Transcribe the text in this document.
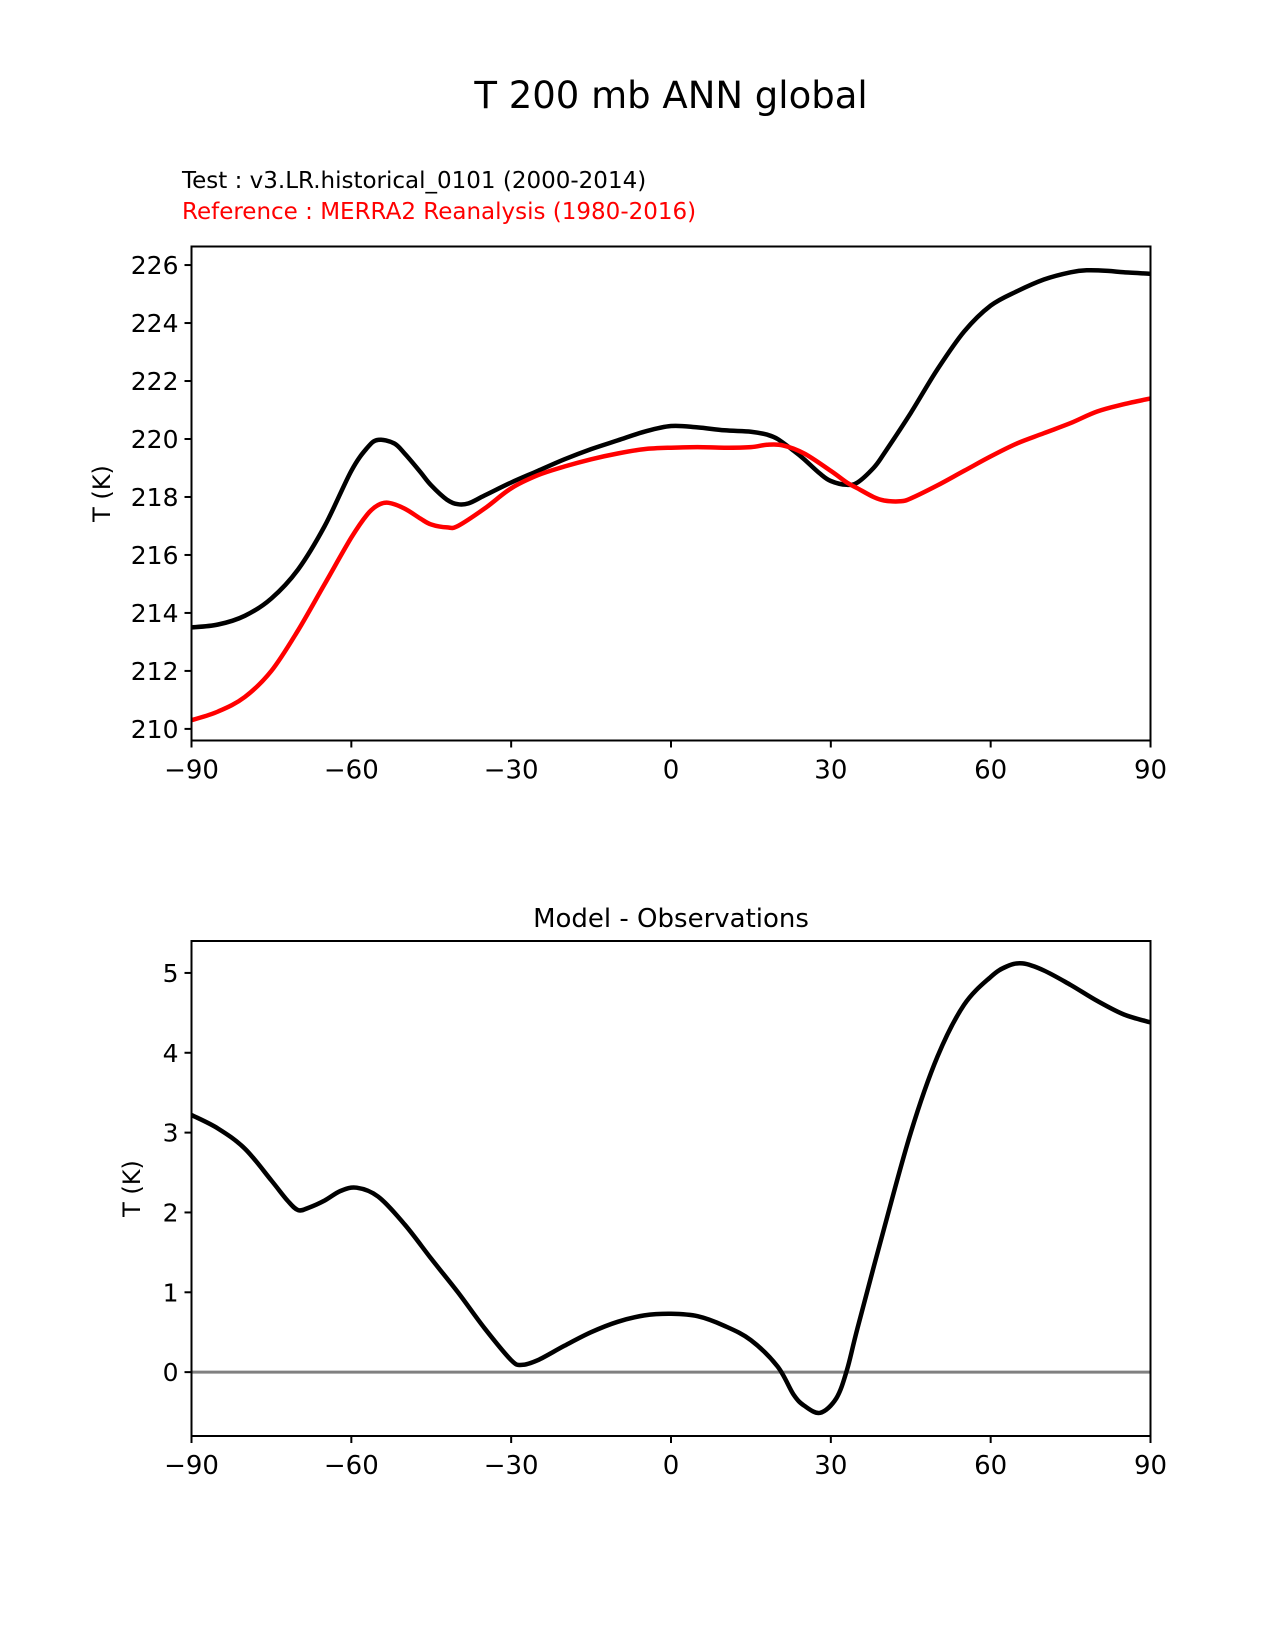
T 200 mb ANN global
Test : v3.LR.historical_0101 (2000-2014)
Reference : MERRA2 Reanalysis (1980-2016)
−90	−60	−30	0	30	60	90
210
212
214
216
218
220
222
224
226
T (K)
Model - Observations
−90	−60	−30	0	30	60	90
0
1
2
3
4
5
T (K)
